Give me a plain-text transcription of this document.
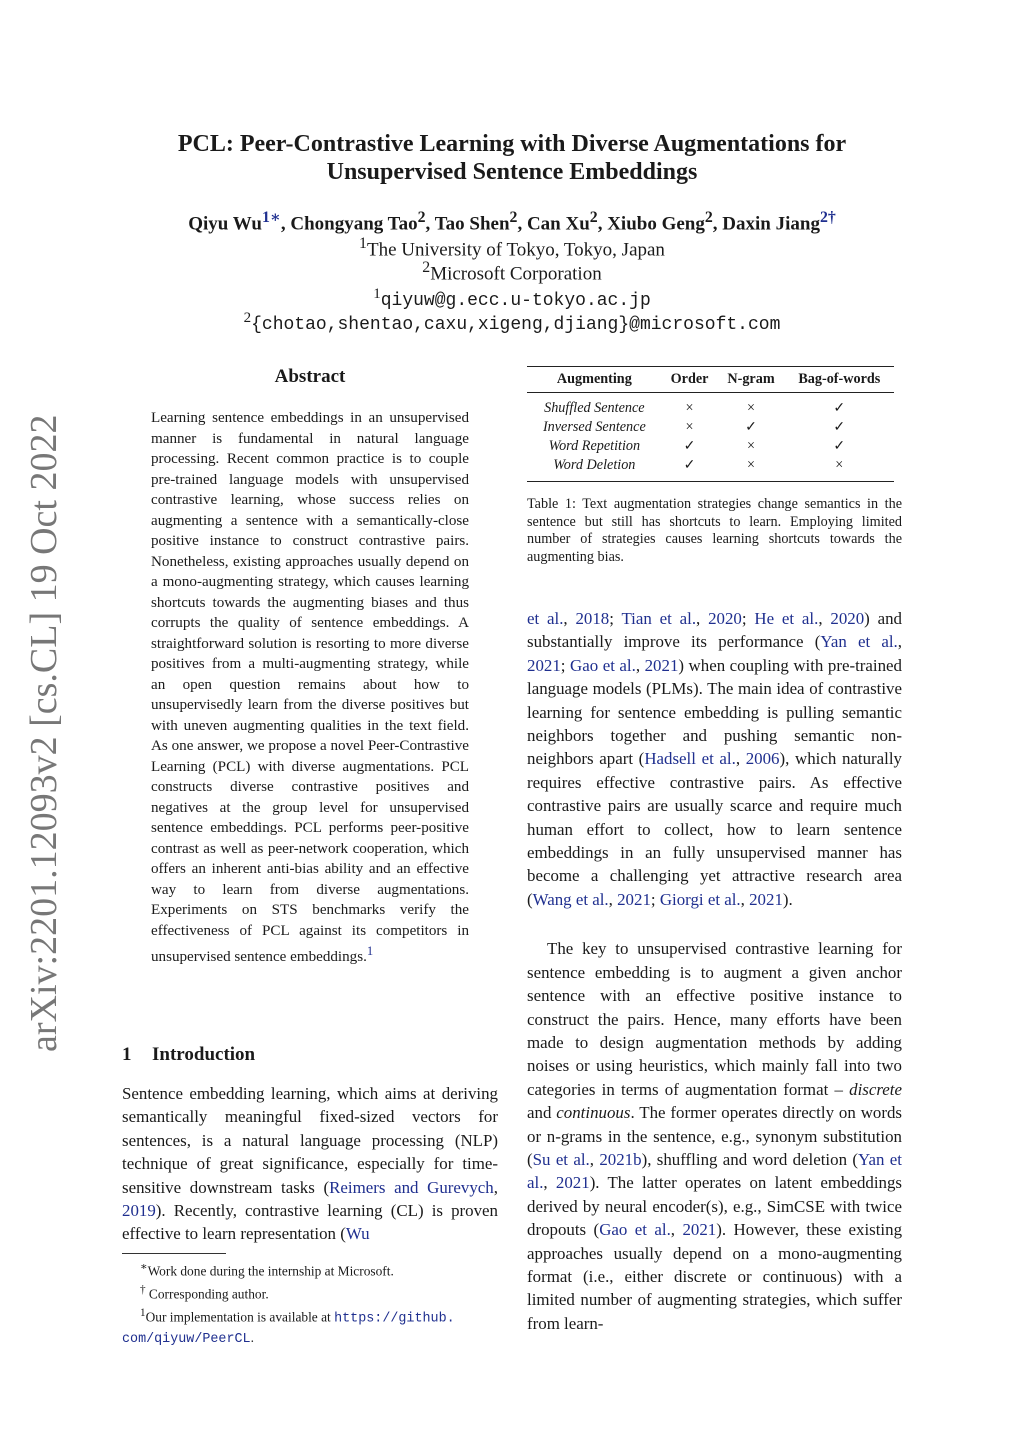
arXiv:2201.12093v2 [cs.CL] 19 Oct 2022
PCL: Peer-Contrastive Learning with Diverse Augmentations for
Unsupervised Sentence Embeddings
Qiyu $Wu^{1∗}$, Chongyang Tao$^2$, Tao Shen$^2$, Can Xu$^2$, Xiubo Geng$^2$, Daxin Jiang$^{2\dagger}$
$^1$The University of Tokyo, Tokyo, Japan
$^2$Microsoft Corporation
$^1$qiyuw@g.ecc.u-tokyo.ac.jp
$^2${chotao,shentao,caxu,xigeng,djiang}@microsoft.com
Abstract
Learning sentence embeddings in an unsupervised manner is fundamental in natural language processing. Recent common practice is to couple pre-trained language models with unsupervised contrastive learning, whose success relies on augmenting a sentence with a semantically-close positive instance to construct contrastive pairs. Nonetheless, existing approaches usually depend on a mono-augmenting strategy, which causes learning shortcuts towards the augmenting biases and thus corrupts the quality of sentence embeddings. A straightforward solution is resorting to more diverse positives from a multi-augmenting strategy, while an open question remains about how to unsupervisedly learn from the diverse positives but with uneven augmenting qualities in the text field. As one answer, we propose a novel Peer-Contrastive Learning (PCL) with diverse augmentations. PCL constructs diverse contrastive positives and negatives at the group level for unsupervised sentence embeddings. PCL performs peer-positive contrast as well as peer-network cooperation, which offers an inherent anti-bias ability and an effective way to learn from diverse augmentations. Experiments on STS benchmarks verify the effectiveness of PCL against its competitors in unsupervised sentence embeddings.$^1$
1 Introduction
Sentence embedding learning, which aims at deriving semantically meaningful fixed-sized vectors for sentences, is a natural language processing (NLP) technique of great significance, especially for time-sensitive downstream tasks (Reimers and Gurevych, 2019). Recently, contrastive learning (CL) is proven effective to learn representation (Wu
∗Work done during the internship at Microsoft.
† Corresponding author.
$^1$Our implementation is available at https://github.
com/qiyuw/PeerCL.
Augmenting	Order	N-gram	Bag-of-words
Shuffled Sentence	×	×	✓
Inversed Sentence	×	✓	✓
Word Repetition	✓	×	✓
Word Deletion	✓	×	×
Table 1: Text augmentation strategies change semantics in the sentence but still has shortcuts to learn. Employing limited number of strategies causes learning shortcuts towards the augmenting bias.

et al., 2018; Tian et al., 2020; He et al., 2020) and substantially improve its performance (Yan et al., 2021; Gao et al., 2021) when coupling with pre-trained language models (PLMs). The main idea of contrastive learning for sentence embedding is pulling semantic neighbors together and pushing semantic non-neighbors apart (Hadsell et al., 2006), which naturally requires effective contrastive pairs. As effective contrastive pairs are usually scarce and require much human effort to collect, how to learn sentence embeddings in an fully unsupervised manner has become a challenging yet attractive research area (Wang et al., 2021; Giorgi et al., 2021).

The key to unsupervised contrastive learning for sentence embedding is to augment a given anchor sentence with an effective positive instance to construct the pairs. Hence, many efforts have been made to design augmentation methods by adding noises or using heuristics, which mainly fall into two categories in terms of augmentation format – discrete and continuous. The former operates directly on words or n-grams in the sentence, e.g., synonym substitution (Su et al., 2021b), shuffling and word deletion (Yan et al., 2021). The latter operates on latent embeddings derived by neural encoder(s), e.g., SimCSE with twice dropouts (Gao et al., 2021). However, these existing approaches usually depend on a mono-augmenting format (i.e., either discrete or continuous) with a limited number of augmenting strategies, which suffer from learn-
